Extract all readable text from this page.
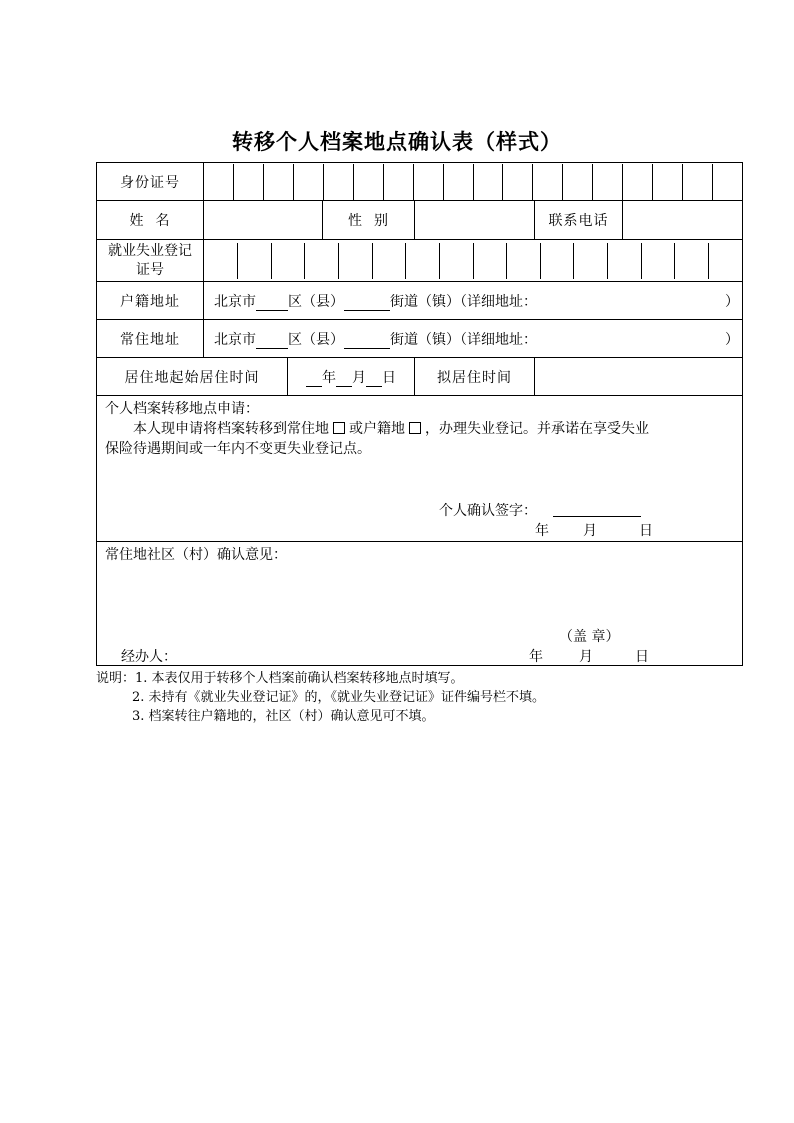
转移个人档案地点确认表（样式）
身份证号	

姓  名		性  别		联系电话	
就业失业登记
证号	

户籍地址	北京市 区（县）	街道（镇）（详细地址：	）

常住地址	北京市 区（县）	街道（镇）（详细地址：	）

居住地起始居住时间	年 月 日	拟居住时间	

个人档案转移地点申请：
本人现申请将档案转移到常住地 或户籍地 ，办理失业登记。并承诺在享受失业
保险待遇期间或一年内不变更失业登记点。
个人确认签字：
年 月	日

常住地社区（村）确认意见：
（盖 章）
经办人：	年	月	日
说明：1. 本表仅用于转移个人档案前确认档案转移地点时填写。
2. 未持有《就业失业登记证》的，《就业失业登记证》证件编号栏不填。
3. 档案转往户籍地的，社区（村）确认意见可不填。
